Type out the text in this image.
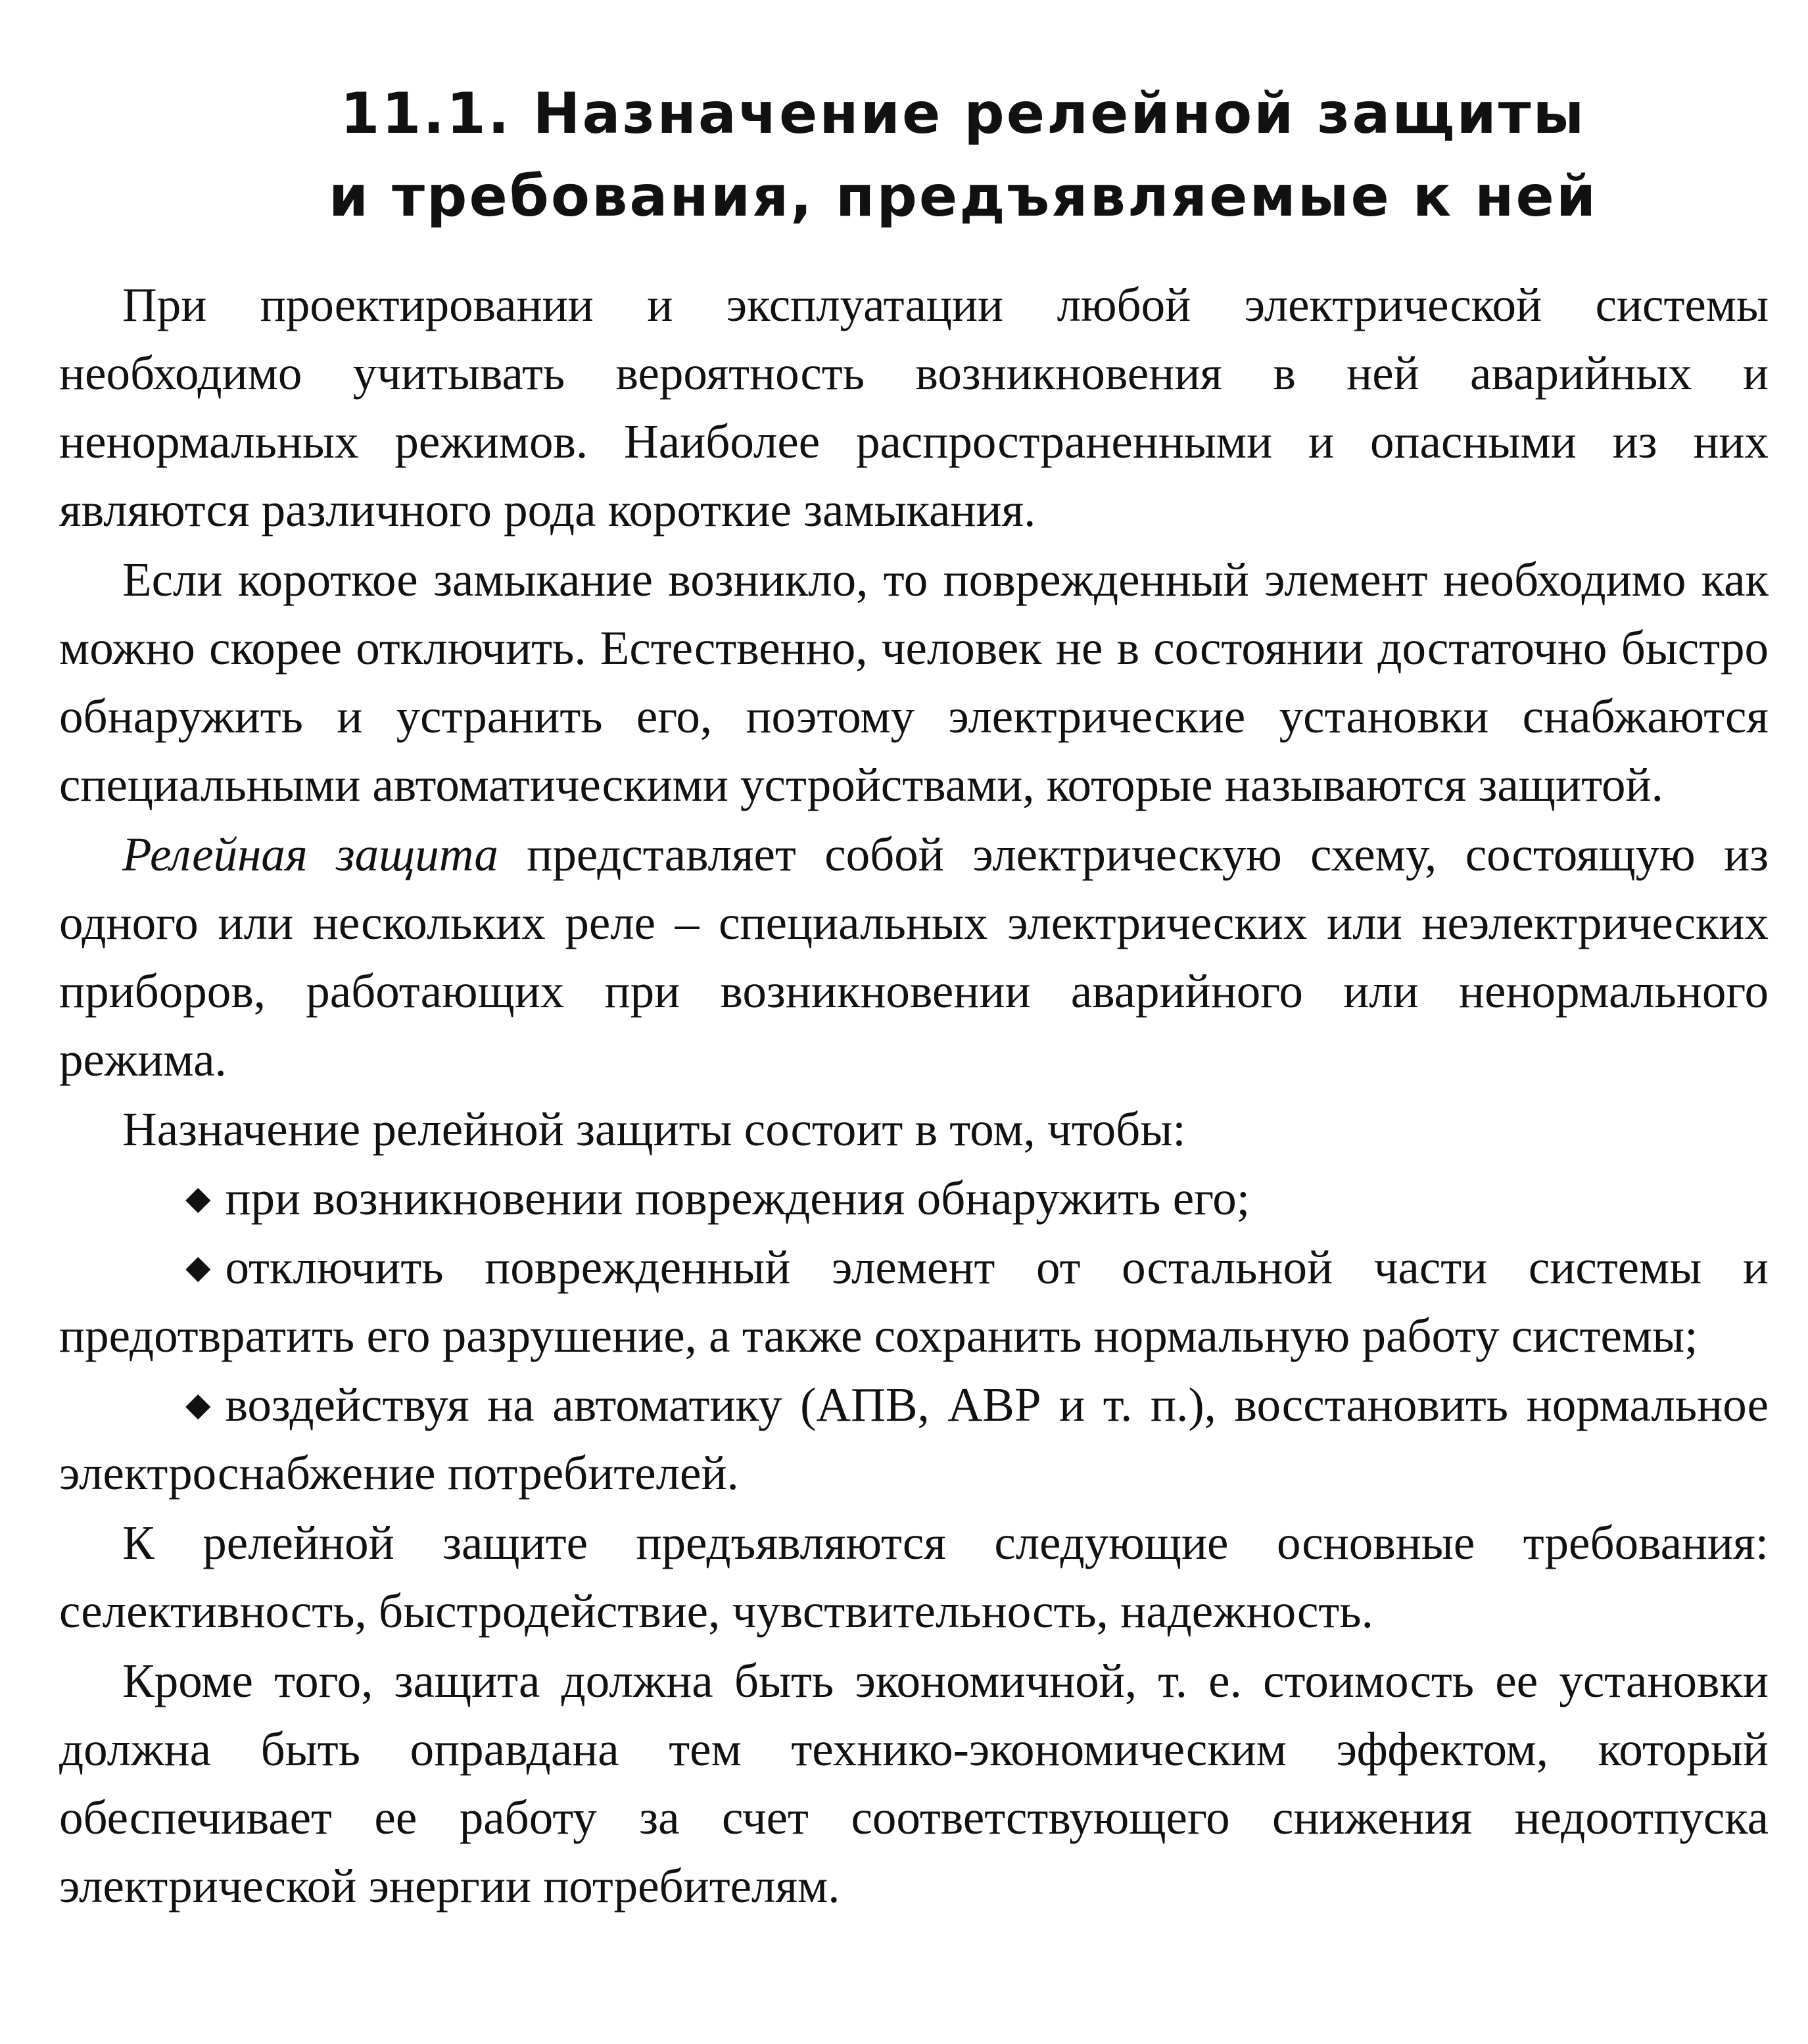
11.1. Назначение релейной защиты
и требования, предъявляемые к ней

При проектировании и эксплуатации любой электрической системы необходимо учитывать вероятность возникновения в ней аварийных и ненормальных режимов. Наиболее распространенными и опасными из них являются различного рода короткие замыкания.

Если короткое замыкание возникло, то поврежденный элемент необходимо как можно скорее отключить. Естественно, человек не в состоянии достаточно быстро обнаружить и устранить его, поэтому электрические установки снабжаются специальными автоматическими устройствами, которые называются защитой.

Релейная защита представляет собой электрическую схему, состоящую из одного или нескольких реле – специальных электрических или неэлектрических приборов, работающих при возникновении аварийного или ненормального режима.

Назначение релейной защиты состоит в том, чтобы:

◆ при возникновении повреждения обнаружить его;

◆ отключить поврежденный элемент от остальной части системы и предотвратить его разрушение, а также сохранить нормальную работу системы;

◆ воздействуя на автоматику (АПВ, АВР и т. п.), восстановить нормальное электроснабжение потребителей.

К релейной защите предъявляются следующие основные требования: селективность, быстродействие, чувствительность, надежность.

Кроме того, защита должна быть экономичной, т. е. стоимость ее установки должна быть оправдана тем технико-экономическим эффектом, который обеспечивает ее работу за счет соответствующего снижения недоотпуска электрической энергии потребителям.
